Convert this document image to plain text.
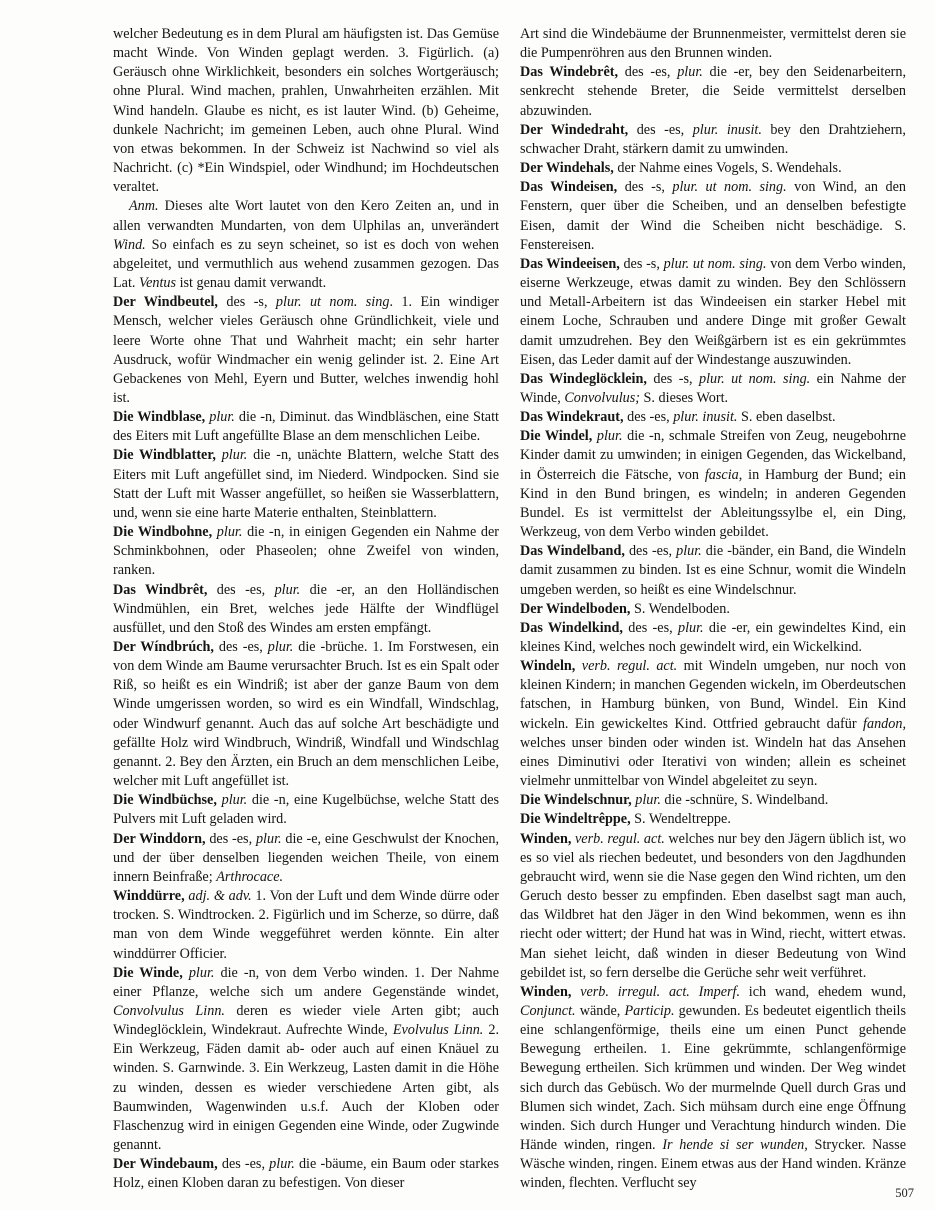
welcher Bedeutung es in dem Plural am häufigsten ist. Das Gemüse macht Winde. Von Winden geplagt werden. 3. Figürlich. (a) Geräusch ohne Wirklichkeit, besonders ein solches Wortgeräusch; ohne Plural. Wind machen, prahlen, Unwahrheiten erzählen. Mit Wind handeln. Glaube es nicht, es ist lauter Wind. (b) Geheime, dunkele Nachricht; im gemeinen Leben, auch ohne Plural. Wind von etwas bekommen. In der Schweiz ist Nachwind so viel als Nachricht. (c) *Ein Windspiel, oder Windhund; im Hochdeutschen veraltet.

Anm. Dieses alte Wort lautet von den Kero Zeiten an, und in allen verwandten Mundarten, von dem Ulphilas an, unverändert Wind. So einfach es zu seyn scheinet, so ist es doch von wehen abgeleitet, und vermuthlich aus wehend zusammen gezogen. Das Lat. Ventus ist genau damit verwandt.

Der Windbeutel, des -s, plur. ut nom. sing. 1. Ein windiger Mensch, welcher vieles Geräusch ohne Gründlichkeit, viele und leere Worte ohne That und Wahrheit macht; ein sehr harter Ausdruck, wofür Windmacher ein wenig gelinder ist. 2. Eine Art Gebackenes von Mehl, Eyern und Butter, welches inwendig hohl ist.

Die Windblase, plur. die -n, Diminut. das Windbläschen, eine Statt des Eiters mit Luft angefüllte Blase an dem menschlichen Leibe.

Die Windblatter, plur. die -n, unächte Blattern, welche Statt des Eiters mit Luft angefüllet sind, im Niederd. Windpocken. Sind sie Statt der Luft mit Wasser angefüllet, so heißen sie Wasserblattern, und, wenn sie eine harte Materie enthalten, Steinblattern.

Die Windbohne, plur. die -n, in einigen Gegenden ein Nahme der Schminkbohnen, oder Phaseolen; ohne Zweifel von winden, ranken.

Das Windbrêt, des -es, plur. die -er, an den Holländischen Windmühlen, ein Bret, welches jede Hälfte der Windflügel ausfüllet, und den Stoß des Windes am ersten empfängt.

Der Wíndbrúch, des -es, plur. die -brüche. 1. Im Forstwesen, ein von dem Winde am Baume verursachter Bruch. Ist es ein Spalt oder Riß, so heißt es ein Windriß; ist aber der ganze Baum von dem Winde umgerissen worden, so wird es ein Windfall, Windschlag, oder Windwurf genannt. Auch das auf solche Art beschädigte und gefällte Holz wird Windbruch, Windriß, Windfall und Windschlag genannt. 2. Bey den Ärzten, ein Bruch an dem menschlichen Leibe, welcher mit Luft angefüllet ist.

Die Windbüchse, plur. die -n, eine Kugelbüchse, welche Statt des Pulvers mit Luft geladen wird.

Der Winddorn, des -es, plur. die -e, eine Geschwulst der Knochen, und der über denselben liegenden weichen Theile, von einem innern Beinfraße; Arthrocace.

Winddürre, adj. & adv. 1. Von der Luft und dem Winde dürre oder trocken. S. Windtrocken. 2. Figürlich und im Scherze, so dürre, daß man von dem Winde weggeführet werden könnte. Ein alter winddürrer Officier.

Die Winde, plur. die -n, von dem Verbo winden. 1. Der Nahme einer Pflanze, welche sich um andere Gegenstände windet, Convolvulus Linn. deren es wieder viele Arten gibt; auch Windeglöcklein, Windekraut. Aufrechte Winde, Evolvulus Linn. 2. Ein Werkzeug, Fäden damit ab- oder auch auf einen Knäuel zu winden. S. Garnwinde. 3. Ein Werkzeug, Lasten damit in die Höhe zu winden, dessen es wieder verschiedene Arten gibt, als Baumwinden, Wagenwinden u.s.f. Auch der Kloben oder Flaschenzug wird in einigen Gegenden eine Winde, oder Zugwinde genannt.

Der Windebaum, des -es, plur. die -bäume, ein Baum oder starkes Holz, einen Kloben daran zu befestigen. Von dieser

Art sind die Windebäume der Brunnenmeister, vermittelst deren sie die Pumpenröhren aus den Brunnen winden.

Das Windebrêt, des -es, plur. die -er, bey den Seidenarbeitern, senkrecht stehende Breter, die Seide vermittelst derselben abzuwinden.

Der Windedraht, des -es, plur. inusit. bey den Drahtziehern, schwacher Draht, stärkern damit zu umwinden.

Der Windehals, der Nahme eines Vogels, S. Wendehals.

Das Windeisen, des -s, plur. ut nom. sing. von Wind, an den Fenstern, quer über die Scheiben, und an denselben befestigte Eisen, damit der Wind die Scheiben nicht beschädige. S. Fenstereisen.

Das Windeeisen, des -s, plur. ut nom. sing. von dem Verbo winden, eiserne Werkzeuge, etwas damit zu winden. Bey den Schlössern und Metall-Arbeitern ist das Windeeisen ein starker Hebel mit einem Loche, Schrauben und andere Dinge mit großer Gewalt damit umzudrehen. Bey den Weißgärbern ist es ein gekrümmtes Eisen, das Leder damit auf der Windestange auszuwinden.

Das Windeglöcklein, des -s, plur. ut nom. sing. ein Nahme der Winde, Convolvulus; S. dieses Wort.

Das Windekraut, des -es, plur. inusit. S. eben daselbst.

Die Windel, plur. die -n, schmale Streifen von Zeug, neugebohrne Kinder damit zu umwinden; in einigen Gegenden, das Wickelband, in Österreich die Fätsche, von fascia, in Hamburg der Bund; ein Kind in den Bund bringen, es windeln; in anderen Gegenden Bundel. Es ist vermittelst der Ableitungssylbe el, ein Ding, Werkzeug, von dem Verbo winden gebildet.

Das Windelband, des -es, plur. die -bänder, ein Band, die Windeln damit zusammen zu binden. Ist es eine Schnur, womit die Windeln umgeben werden, so heißt es eine Windelschnur.

Der Windelboden, S. Wendelboden.

Das Windelkind, des -es, plur. die -er, ein gewindeltes Kind, ein kleines Kind, welches noch gewindelt wird, ein Wickelkind.

Windeln, verb. regul. act. mit Windeln umgeben, nur noch von kleinen Kindern; in manchen Gegenden wickeln, im Oberdeutschen fatschen, in Hamburg bünken, von Bund, Windel. Ein Kind wickeln. Ein gewickeltes Kind. Ottfried gebraucht dafür fandon, welches unser binden oder winden ist. Windeln hat das Ansehen eines Diminutivi oder Iterativi von winden; allein es scheinet vielmehr unmittelbar von Windel abgeleitet zu seyn.

Die Windelschnur, plur. die -schnüre, S. Windelband.

Die Windeltrêppe, S. Wendeltreppe.

Winden, verb. regul. act. welches nur bey den Jägern üblich ist, wo es so viel als riechen bedeutet, und besonders von den Jagdhunden gebraucht wird, wenn sie die Nase gegen den Wind richten, um den Geruch desto besser zu empfinden. Eben daselbst sagt man auch, das Wildbret hat den Jäger in den Wind bekommen, wenn es ihn riecht oder wittert; der Hund hat was in Wind, riecht, wittert etwas. Man siehet leicht, daß winden in dieser Bedeutung von Wind gebildet ist, so fern derselbe die Gerüche sehr weit verführet.

Winden, verb. irregul. act. Imperf. ich wand, ehedem wund, Conjunct. wände, Particip. gewunden. Es bedeutet eigentlich theils eine schlangenförmige, theils eine um einen Punct gehende Bewegung ertheilen. 1. Eine gekrümmte, schlangenförmige Bewegung ertheilen. Sich krümmen und winden. Der Weg windet sich durch das Gebüsch. Wo der murmelnde Quell durch Gras und Blumen sich windet, Zach. Sich mühsam durch eine enge Öffnung winden. Sich durch Hunger und Verachtung hindurch winden. Die Hände winden, ringen. Ir hende si ser wunden, Strycker. Nasse Wäsche winden, ringen. Einem etwas aus der Hand winden. Kränze winden, flechten. Verflucht sey

507
